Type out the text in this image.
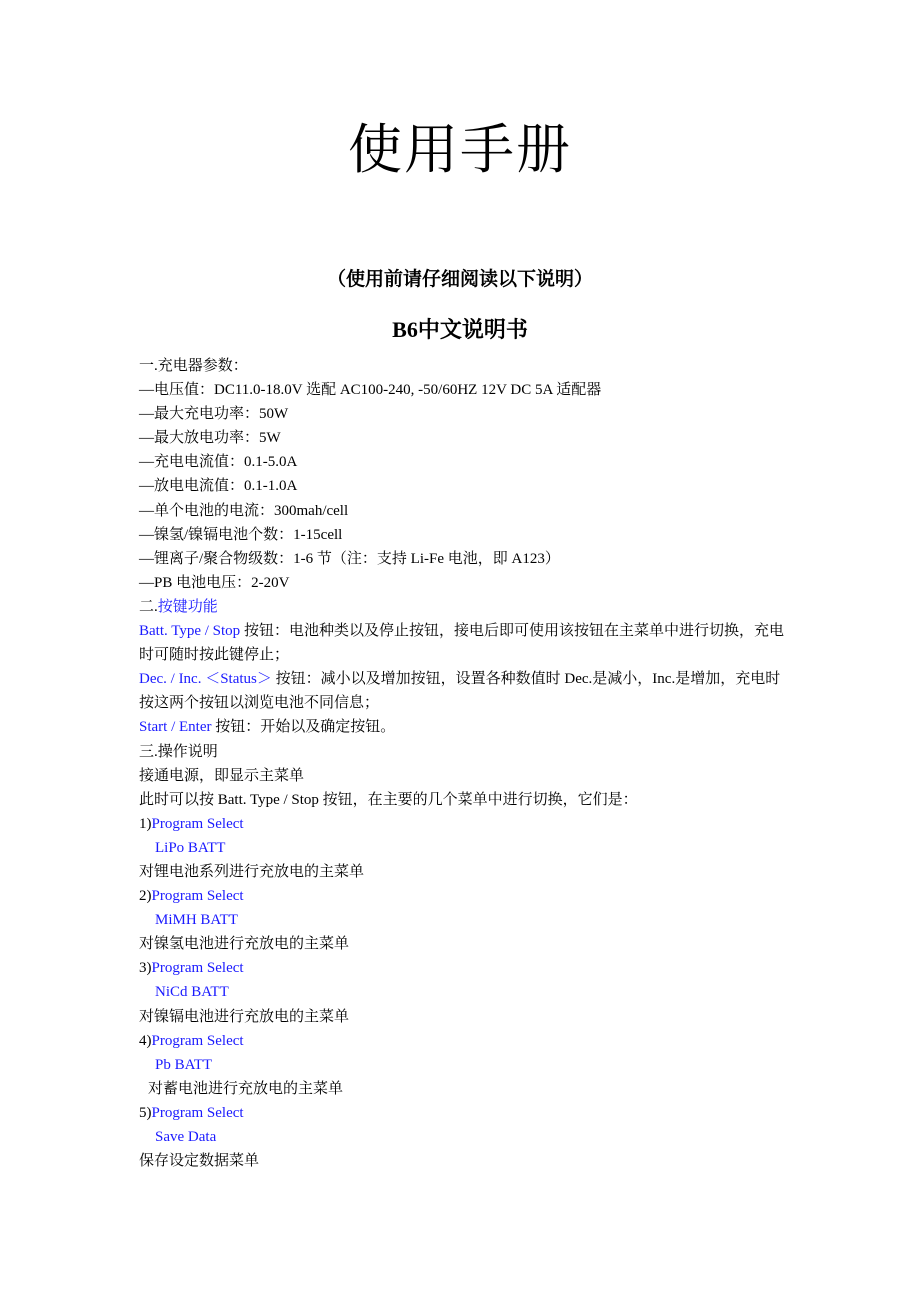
使用手册
（使用前请仔细阅读以下说明）
B6中文说明书
一.充电器参数：
—电压值：DC11.0-18.0V 选配 AC100-240, -50/60HZ 12V DC 5A 适配器
—最大充电功率：50W
—最大放电功率：5W
—充电电流值：0.1-5.0A
—放电电流值：0.1-1.0A
—单个电池的电流：300mah/cell
—镍氢/镍镉电池个数：1-15cell
—锂离子/聚合物级数：1-6 节（注：支持 Li-Fe 电池，即 A123）
—PB 电池电压：2-20V
二.按键功能
Batt. Type / Stop 按钮：电池种类以及停止按钮，接电后即可使用该按钮在主菜单中进行切换，充电时可随时按此键停止；
Dec. / Inc. ＜Status＞ 按钮：减小以及增加按钮，设置各种数值时 Dec.是减小，Inc.是增加，充电时按这两个按钮以浏览电池不同信息；
Start / Enter 按钮：开始以及确定按钮。
三.操作说明
接通电源，即显示主菜单
此时可以按 Batt. Type / Stop 按钮，在主要的几个菜单中进行切换，它们是：
1)Program Select
LiPo BATT
对锂电池系列进行充放电的主菜单
2)Program Select
MiMH BATT
对镍氢电池进行充放电的主菜单
3)Program Select
NiCd BATT
对镍镉电池进行充放电的主菜单
4)Program Select
Pb BATT
对蓄电池进行充放电的主菜单
5)Program Select
Save Data
保存设定数据菜单
